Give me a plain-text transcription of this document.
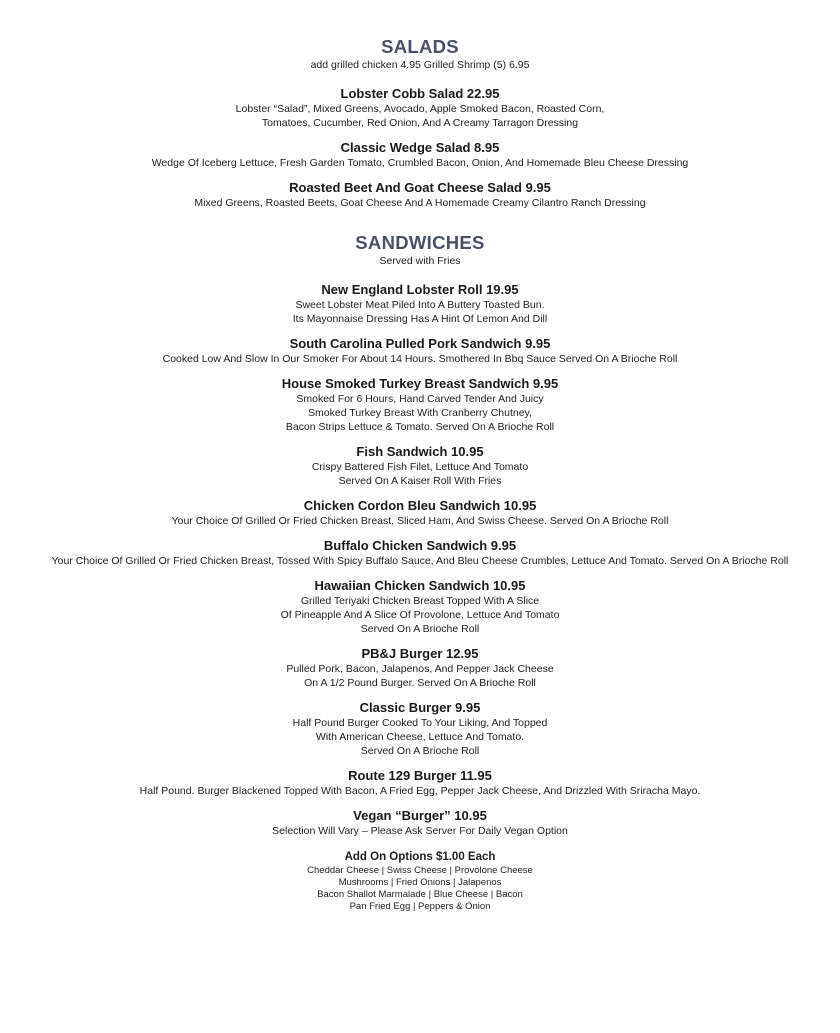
SALADS

add grilled chicken 4.95 Grilled Shrimp (5) 6.95

Lobster Cobb Salad 22.95

Lobster “Salad”, Mixed Greens, Avocado, Apple Smoked Bacon, Roasted Corn,

Tomatoes, Cucumber, Red Onion, And A Creamy Tarragon Dressing

Classic Wedge Salad 8.95

Wedge Of Iceberg Lettuce, Fresh Garden Tomato, Crumbled Bacon, Onion, And Homemade Bleu Cheese Dressing

Roasted Beet And Goat Cheese Salad 9.95

Mixed Greens, Roasted Beets, Goat Cheese And A Homemade Creamy Cilantro Ranch Dressing

SANDWICHES

Served with Fries

New England Lobster Roll 19.95

Sweet Lobster Meat Piled Into A Buttery Toasted Bun.

Its Mayonnaise Dressing Has A Hint Of Lemon And Dill

South Carolina Pulled Pork Sandwich 9.95

Cooked Low And Slow In Our Smoker For About 14 Hours. Smothered In Bbq Sauce Served On A Brioche Roll

House Smoked Turkey Breast Sandwich 9.95

Smoked For 6 Hours, Hand Carved Tender And Juicy

Smoked Turkey Breast With Cranberry Chutney,

Bacon Strips Lettuce & Tomato. Served On A Brioche Roll

Fish Sandwich 10.95

Crispy Battered Fish Filet, Lettuce And Tomato

Served On A Kaiser Roll With Fries

Chicken Cordon Bleu Sandwich 10.95

Your Choice Of Grilled Or Fried Chicken Breast, Sliced Ham, And Swiss Cheese. Served On A Brioche Roll

Buffalo Chicken Sandwich 9.95

Your Choice Of Grilled Or Fried Chicken Breast, Tossed With Spicy Buffalo Sauce, And Bleu Cheese Crumbles, Lettuce And Tomato. Served On A Brioche Roll

Hawaiian Chicken Sandwich 10.95

Grilled Teriyaki Chicken Breast Topped With A Slice

Of Pineapple And A Slice Of Provolone, Lettuce And Tomato

Served On A Brioche Roll

PB&J Burger 12.95

Pulled Pork, Bacon, Jalapenos, And Pepper Jack Cheese

On A 1/2 Pound Burger. Served On A Brioche Roll

Classic Burger 9.95

Half Pound Burger Cooked To Your Liking, And Topped

With American Cheese, Lettuce And Tomato.

Served On A Brioche Roll

Route 129 Burger 11.95

Half Pound. Burger Blackened Topped With Bacon, A Fried Egg, Pepper Jack Cheese, And Drizzled With Sriracha Mayo.

Vegan “Burger” 10.95

Selection Will Vary – Please Ask Server For Daily Vegan Option

Add On Options $1.00 Each

Cheddar Cheese | Swiss Cheese | Provolone Cheese

Mushrooms | Fried Onions | Jalapenos

Bacon Shallot Marmalade | Blue Cheese | Bacon

Pan Fried Egg | Peppers & Onion
